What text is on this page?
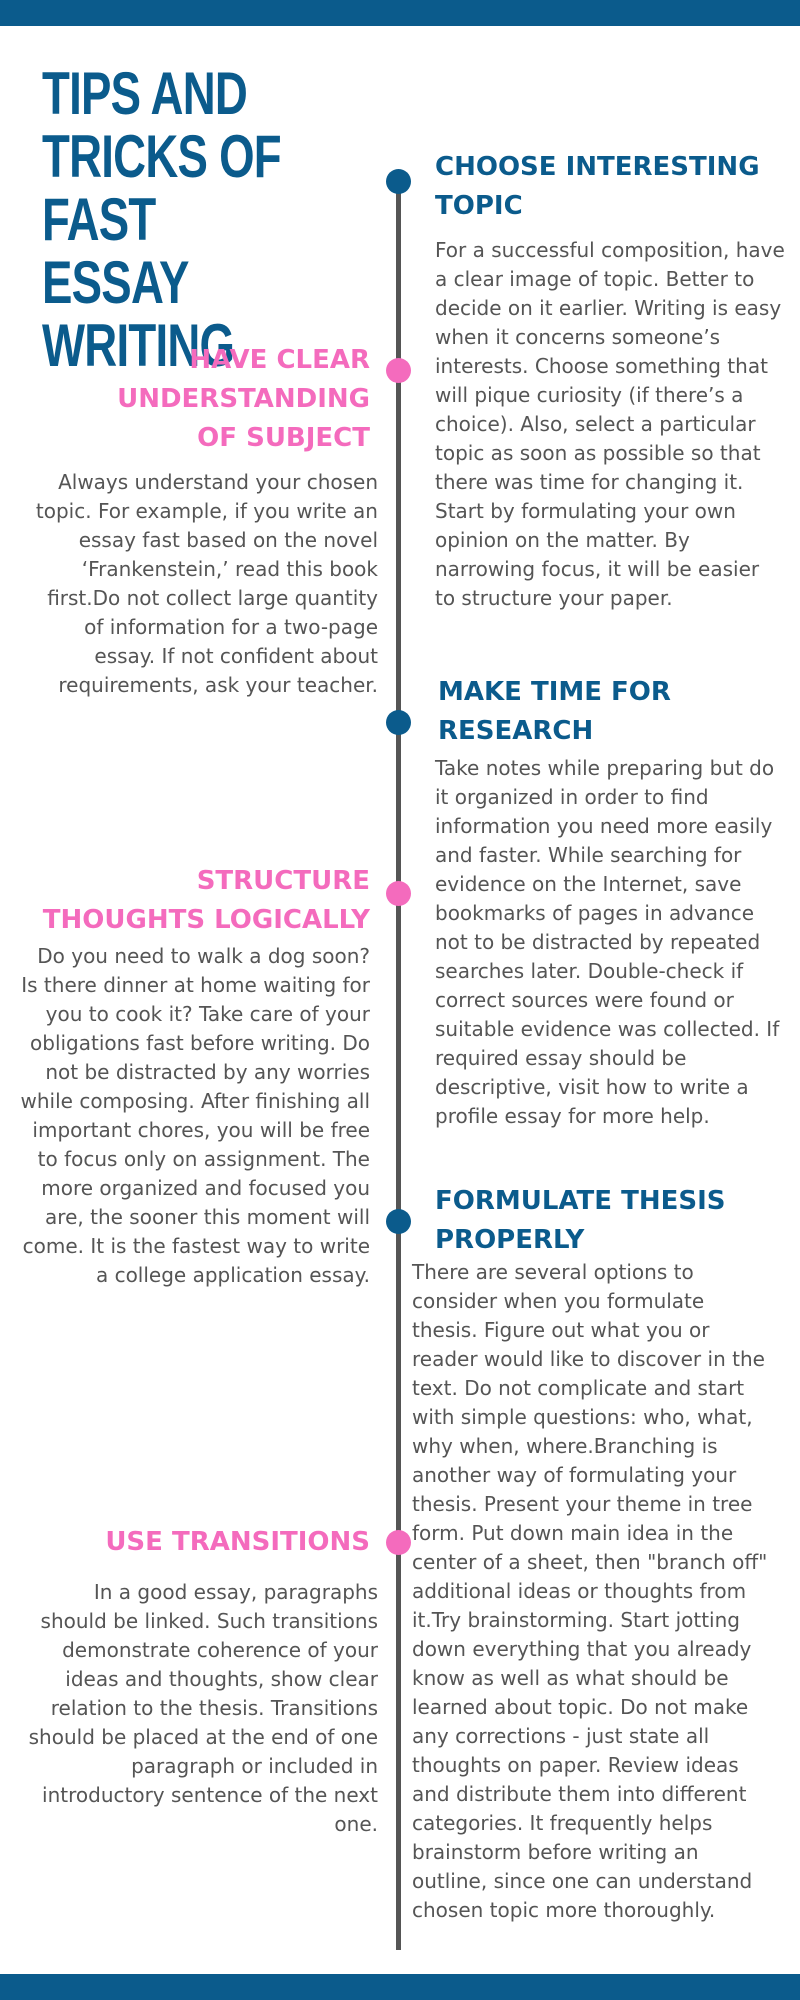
TIPS AND TRICKS OF FAST ESSAY WRITING
CHOOSE INTERESTING TOPIC

For a successful composition, have a clear image of topic. Better to decide on it earlier. Writing is easy when it concerns someone’s interests. Choose something that will pique curiosity (if there’s a choice). Also, select a particular topic as soon as possible so that there was time for changing it. Start by formulating your own opinion on the matter. By narrowing focus, it will be easier to structure your paper.

MAKE TIME FOR RESEARCH

Take notes while preparing but do it organized in order to find information you need more easily and faster. While searching for evidence on the Internet, save bookmarks of pages in advance not to be distracted by repeated searches later. Double-check if correct sources were found or suitable evidence was collected. If required essay should be descriptive, visit how to write a profile essay for more help.

FORMULATE THESIS PROPERLY

There are several options to consider when you formulate thesis. Figure out what you or reader would like to discover in the text. Do not complicate and start with simple questions: who, what, why when, where.Branching is another way of formulating your thesis. Present your theme in tree form. Put down main idea in the center of a sheet, then "branch off" additional ideas or thoughts from it.Try brainstorming. Start jotting down everything that you already know as well as what should be learned about topic. Do not make any corrections - just state all thoughts on paper. Review ideas and distribute them into different categories. It frequently helps brainstorm before writing an outline, since one can understand chosen topic more thoroughly.

HAVE CLEAR UNDERSTANDING OF SUBJECT

Always understand your chosen topic. For example, if you write an essay fast based on the novel ‘Frankenstein,’ read this book first.Do not collect large quantity of information for a two-page essay. If not confident about requirements, ask your teacher.

STRUCTURE THOUGHTS LOGICALLY

Do you need to walk a dog soon? Is there dinner at home waiting for you to cook it? Take care of your obligations fast before writing. Do not be distracted by any worries while composing. After finishing all important chores, you will be free to focus only on assignment. The more organized and focused you are, the sooner this moment will come. It is the fastest way to write a college application essay.

USE TRANSITIONS

In a good essay, paragraphs should be linked. Such transitions demonstrate coherence of your ideas and thoughts, show clear relation to the thesis. Transitions should be placed at the end of one paragraph or included in introductory sentence of the next one.
